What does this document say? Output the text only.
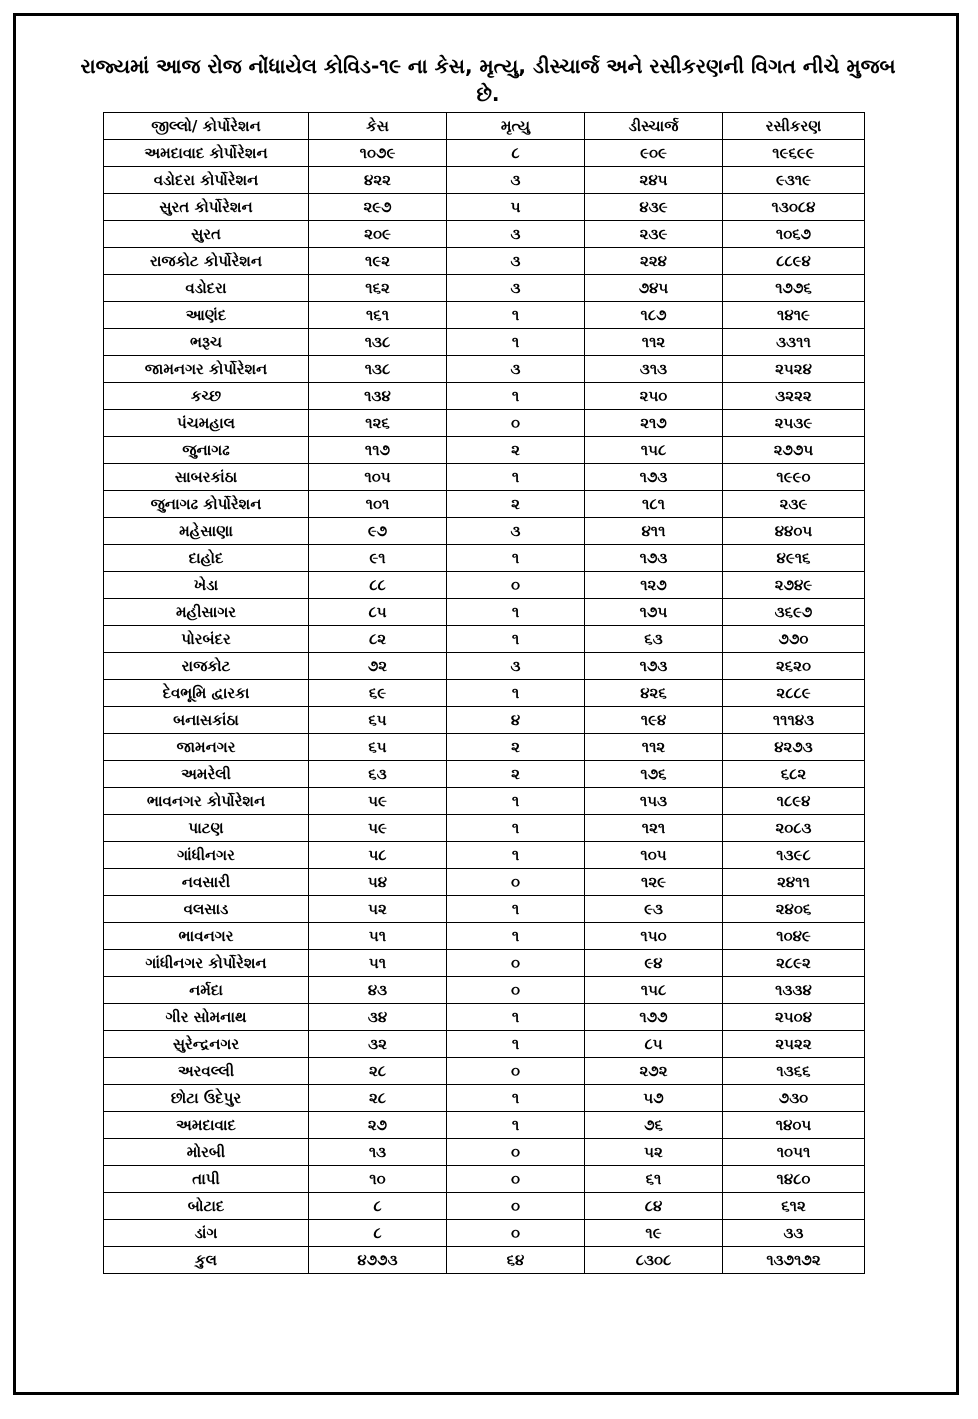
રાજ્યમાં આજ રોજ નોંધાયેલ કોવિડ-૧૯ ના કેસ, મૃત્યુ, ડીસ્ચાર્જ અને રસીકરણની વિગત નીચે મુજબ છે.
જીલ્લો/ કોર્પોરેશન	કેસ	મૃત્યુ	ડીસ્ચાર્જ	રસીકરણ
અમદાવાદ કોર્પોરેશન	૧૦૭૯	૮	૯૦૯	૧૯૬૯૯
વડોદરા કોર્પોરેશન	૪૨૨	૩	૨૪૫	૯૩૧૯
સુરત કોર્પોરેશન	૨૯૭	૫	૪૩૯	૧૩૦૮૪
સુરત	૨૦૯	૩	૨૩૯	૧૦૬૭
રાજકોટ કોર્પોરેશન	૧૯૨	૩	૨૨૪	૮૮૯૪
વડોદરા	૧૬૨	૩	૭૪૫	૧૭૭૬
આણંદ	૧૬૧	૧	૧૮૭	૧૪૧૯
ભરૂચ	૧૩૮	૧	૧૧૨	૩૩૧૧
જામનગર કોર્પોરેશન	૧૩૮	૩	૩૧૩	૨૫૨૪
કચ્છ	૧૩૪	૧	૨૫૦	૩૨૨૨
પંચમહાલ	૧૨૬	૦	૨૧૭	૨૫૩૯
જુનાગઢ	૧૧૭	૨	૧૫૮	૨૭૭૫
સાબરકાંઠા	૧૦૫	૧	૧૭૩	૧૯૯૦
જુનાગઢ કોર્પોરેશન	૧૦૧	૨	૧૮૧	૨૩૯
મહેસાણા	૯૭	૩	૪૧૧	૪૪૦૫
દાહોદ	૯૧	૧	૧૭૩	૪૯૧૬
ખેડા	૮૮	૦	૧૨૭	૨૭૪૯
મહીસાગર	૮૫	૧	૧૭૫	૩૬૯૭
પોરબંદર	૮૨	૧	૬૩	૭૭૦
રાજકોટ	૭૨	૩	૧૭૩	૨૬૨૦
દેવભૂમિ દ્વારકા	૬૯	૧	૪૨૬	૨૮૮૯
બનાસકાંઠા	૬૫	૪	૧૯૪	૧૧૧૪૩
જામનગર	૬૫	૨	૧૧૨	૪૨૭૩
અમરેલી	૬૩	૨	૧૭૬	૬૮૨
ભાવનગર કોર્પોરેશન	૫૯	૧	૧૫૩	૧૮૯૪
પાટણ	૫૯	૧	૧૨૧	૨૦૮૩
ગાંધીનગર	૫૮	૧	૧૦૫	૧૩૯૮
નવસારી	૫૪	૦	૧૨૯	૨૪૧૧
વલસાડ	૫૨	૧	૯૩	૨૪૦૬
ભાવનગર	૫૧	૧	૧૫૦	૧૦૪૯
ગાંધીનગર કોર્પોરેશન	૫૧	૦	૯૪	૨૮૯૨
નર્મદા	૪૩	૦	૧૫૮	૧૩૩૪
ગીર સોમનાથ	૩૪	૧	૧૭૭	૨૫૦૪
સુરેન્દ્રનગર	૩૨	૧	૮૫	૨૫૨૨
અરવલ્લી	૨૮	૦	૨૭૨	૧૩૬૬
છોટા ઉદેપુર	૨૮	૧	૫૭	૭૩૦
અમદાવાદ	૨૭	૧	૭૬	૧૪૦૫
મોરબી	૧૩	૦	૫૨	૧૦૫૧
તાપી	૧૦	૦	૬૧	૧૪૮૦
બોટાદ	૮	૦	૮૪	૬૧૨
ડાંગ	૮	૦	૧૯	૩૩
કુલ	૪૭૭૩	૬૪	૮૩૦૮	૧૩૭૧૭૨
